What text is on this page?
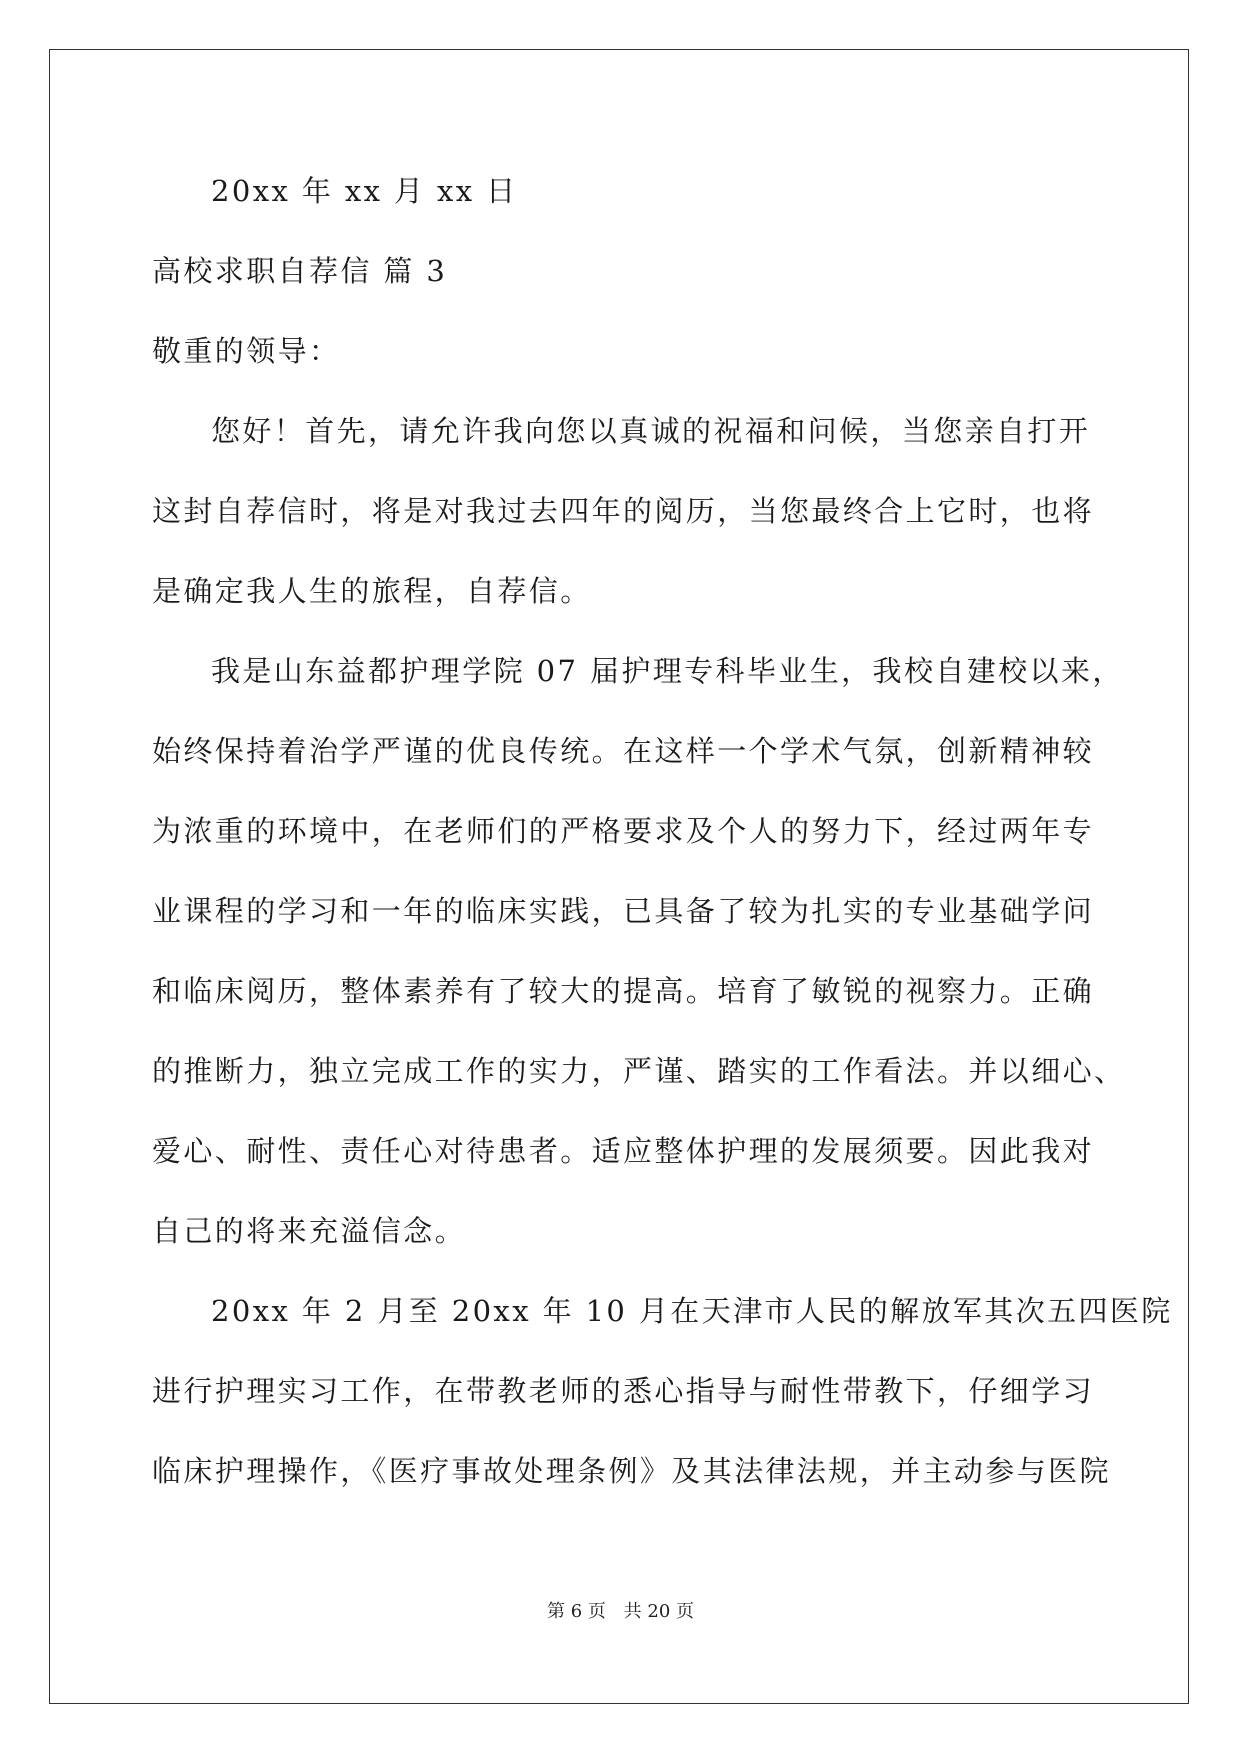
20xx 年 xx 月 xx 日
高校求职自荐信 篇 3
敬重的领导：
您好！首先，请允许我向您以真诚的祝福和问候，当您亲自打开
这封自荐信时，将是对我过去四年的阅历，当您最终合上它时，也将
是确定我人生的旅程，自荐信。
我是山东益都护理学院 07 届护理专科毕业生，我校自建校以来，
始终保持着治学严谨的优良传统。在这样一个学术气氛，创新精神较
为浓重的环境中，在老师们的严格要求及个人的努力下，经过两年专
业课程的学习和一年的临床实践，已具备了较为扎实的专业基础学问
和临床阅历，整体素养有了较大的提高。培育了敏锐的视察力。正确
的推断力，独立完成工作的实力，严谨、踏实的工作看法。并以细心、
爱心、耐性、责任心对待患者。适应整体护理的发展须要。因此我对
自己的将来充溢信念。
20xx 年 2 月至 20xx 年 10 月在天津市人民的解放军其次五四医院
进行护理实习工作，在带教老师的悉心指导与耐性带教下，仔细学习
临床护理操作，《医疗事故处理条例》及其法律法规，并主动参与医院
第 6 页 共 20 页
